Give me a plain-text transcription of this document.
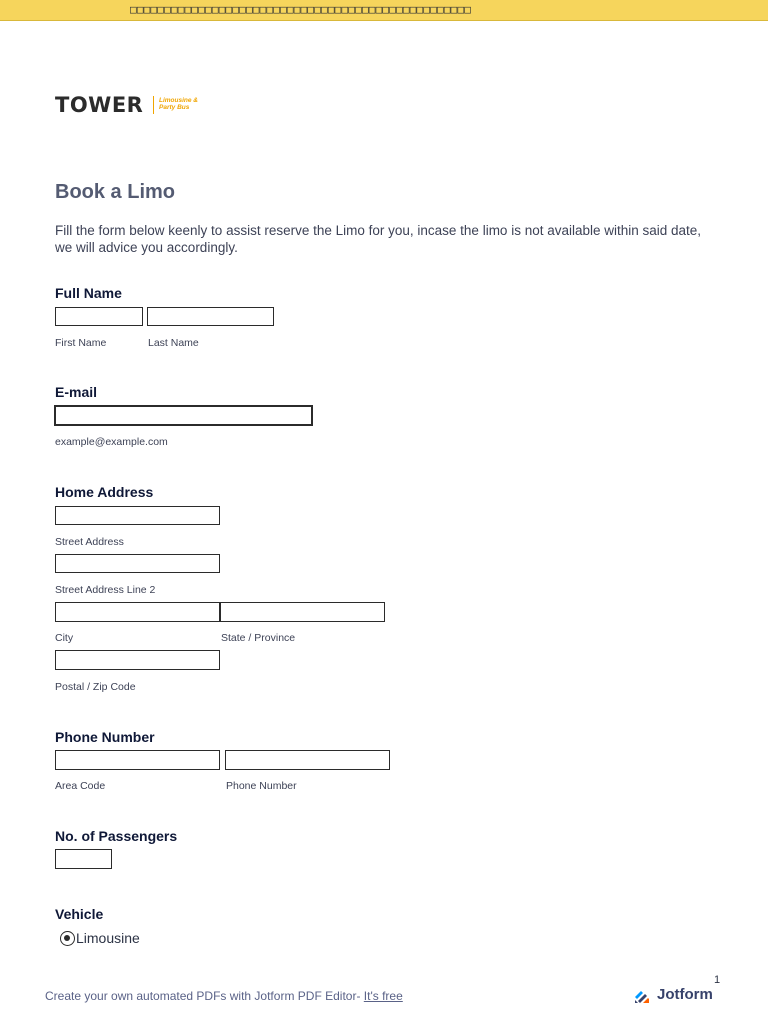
□□□□□□□□□□□□□□□□□□□□□□□□□□□□□□□□□□□□□□□□□□□□□□□□□□
TOWER Limousine &
Party Bus
Book a Limo
Fill the form below keenly to assist reserve the Limo for you, incase the limo is not available within said date, we will advice you accordingly.
Full Name
First Name	Last Name
E-mail
example@example.com
Home Address
Street Address
Street Address Line 2
City	State / Province
Postal / Zip Code
Phone Number
Area Code	Phone Number
No. of Passengers
Vehicle
Limousine
1
Create your own automated PDFs with Jotform PDF Editor- It's free	Jotform
